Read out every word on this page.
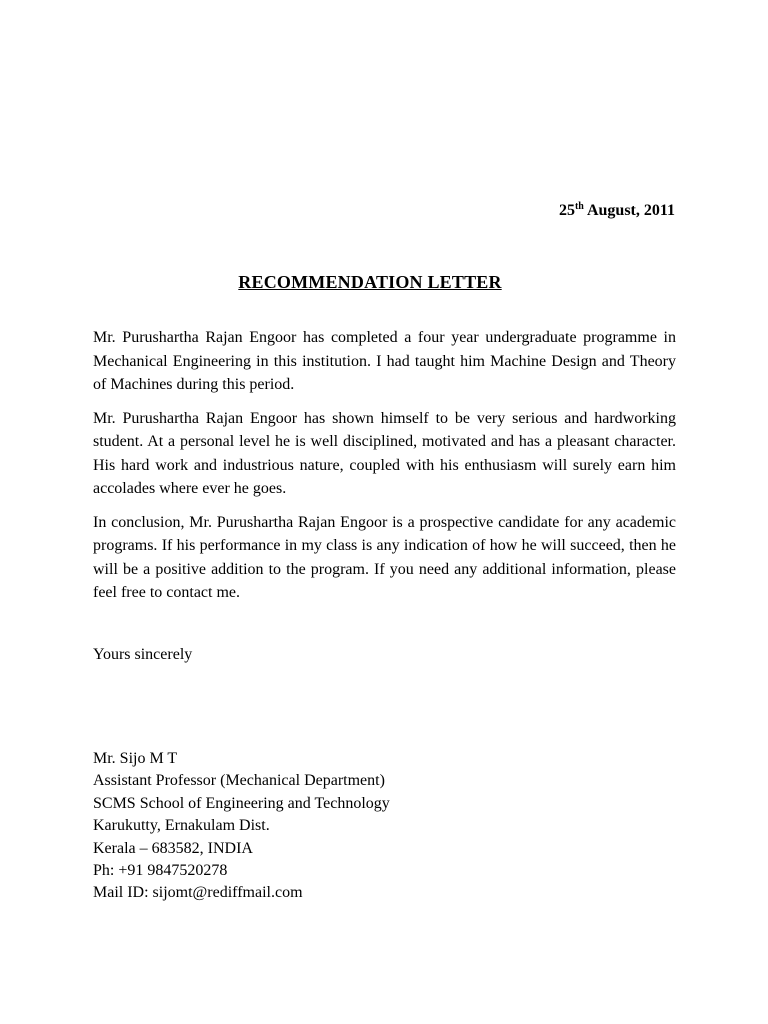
25th August, 2011
RECOMMENDATION LETTER

Mr. Purushartha Rajan Engoor has completed a four year undergraduate programme in Mechanical Engineering in this institution. I had taught him Machine Design and Theory of Machines during this period.

Mr. Purushartha Rajan Engoor has shown himself to be very serious and hardworking student. At a personal level he is well disciplined, motivated and has a pleasant character. His hard work and industrious nature, coupled with his enthusiasm will surely earn him accolades where ever he goes.

In conclusion, Mr. Purushartha Rajan Engoor is a prospective candidate for any academic programs. If his performance in my class is any indication of how he will succeed, then he will be a positive addition to the program. If you need any additional information, please feel free to contact me.

Yours sincerely
Mr. Sijo M T
Assistant Professor (Mechanical Department)
SCMS School of Engineering and Technology
Karukutty, Ernakulam Dist.
Kerala – 683582, INDIA
Ph: +91 9847520278
Mail ID: sijomt@rediffmail.com
